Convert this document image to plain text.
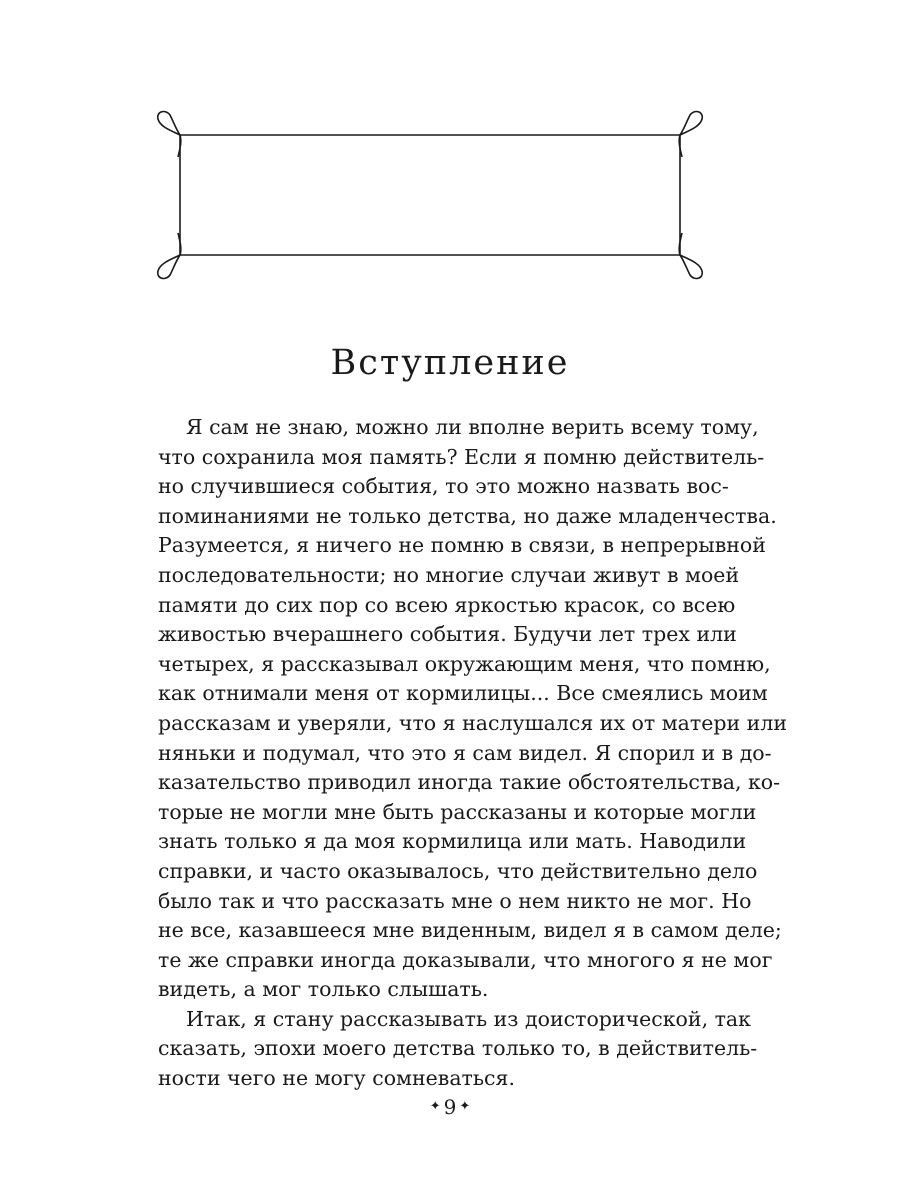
Вступление
Я сам не знаю, можно ли вполне верить всему тому,
что сохранила моя память? Если я помню действитель-
но случившиеся события, то это можно назвать вос-
поминаниями не только детства, но даже младенчества.
Разумеется, я ничего не помню в связи, в непрерывной
последовательности; но многие случаи живут в моей
памяти до сих пор со всею яркостью красок, со всею
живостью вчерашнего события. Будучи лет трех или
четырех, я рассказывал окружающим меня, что помню,
как отнимали меня от кормилицы... Все смеялись моим
рассказам и уверяли, что я наслушался их от матери или
няньки и подумал, что это я сам видел. Я спорил и в до-
казательство приводил иногда такие обстоятельства, ко-
торые не могли мне быть рассказаны и которые могли
знать только я да моя кормилица или мать. Наводили
справки, и часто оказывалось, что действительно дело
было так и что рассказать мне о нем никто не мог. Но
не все, казавшееся мне виденным, видел я в самом деле;
те же справки иногда доказывали, что многого я не мог
видеть, а мог только слышать.
Итак, я стану рассказывать из доисторической, так
сказать, эпохи моего детства только то, в действитель-
ности чего не могу сомневаться.
✦ 9 ✦
